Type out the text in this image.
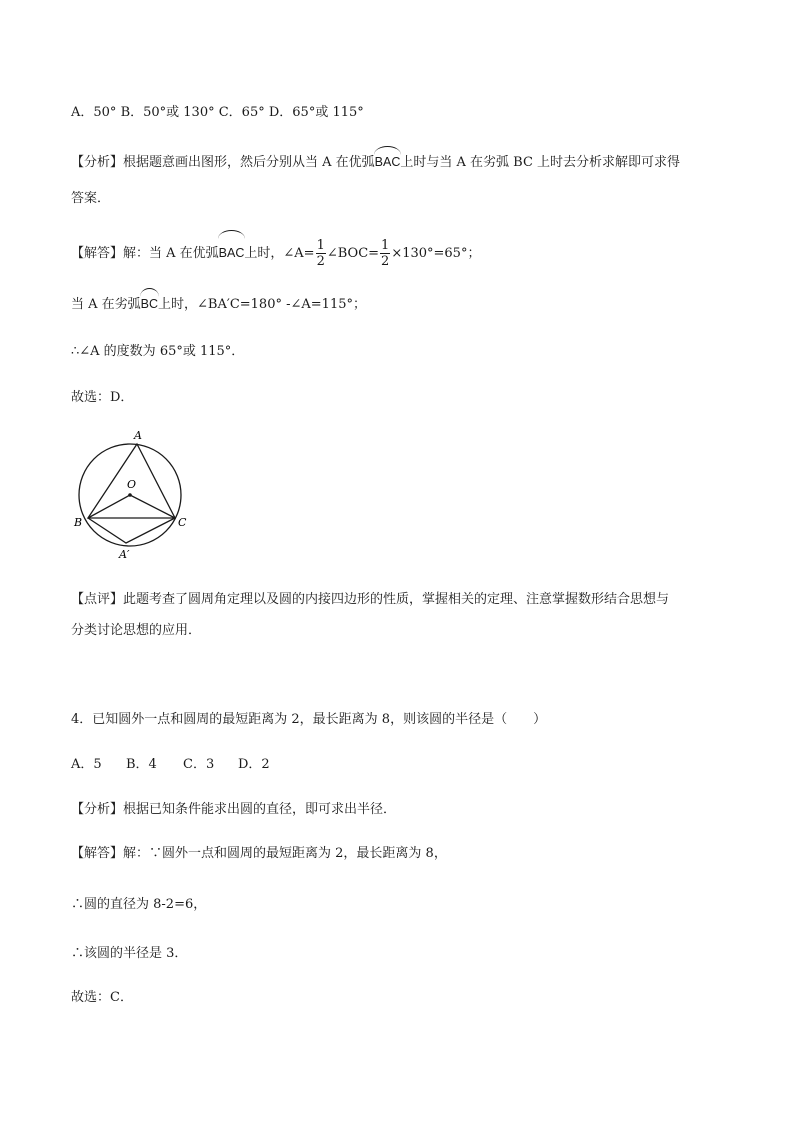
A．50° B．50°或 130° C．65° D．65°或 115°
【分析】根据题意画出图形，然后分别从当 A 在优弧
BAC上时与当 A 在劣弧 BC 上时去分析求解即可求得
答案．
【解答】解：当 A 在优弧
BAC上时，∠A= $\frac{1}{2}$ ∠BOC= $\frac{1}{2} \times 130^\circ=65^\circ$；
当 A 在劣弧
BC上时，∠BA′C=180° -∠A=115°；
∴∠A 的度数为 65°或 115°．
故选：D．
A
O
B	C
A′
【点评】此题考查了圆周角定理以及圆的内接四边形的性质，掌握相关的定理、注意掌握数形结合思想与
分类讨论思想的应用．
4．已知圆外一点和圆周的最短距离为 2，最长距离为 8，则该圆的半径是（　　）
A．5 B．4 C．3 D．2
【分析】根据已知条件能求出圆的直径，即可求出半径．
【解答】解：∵圆外一点和圆周的最短距离为 2，最长距离为 8，
∴圆的直径为 8-2=6，
∴该圆的半径是 3．
故选：C．
